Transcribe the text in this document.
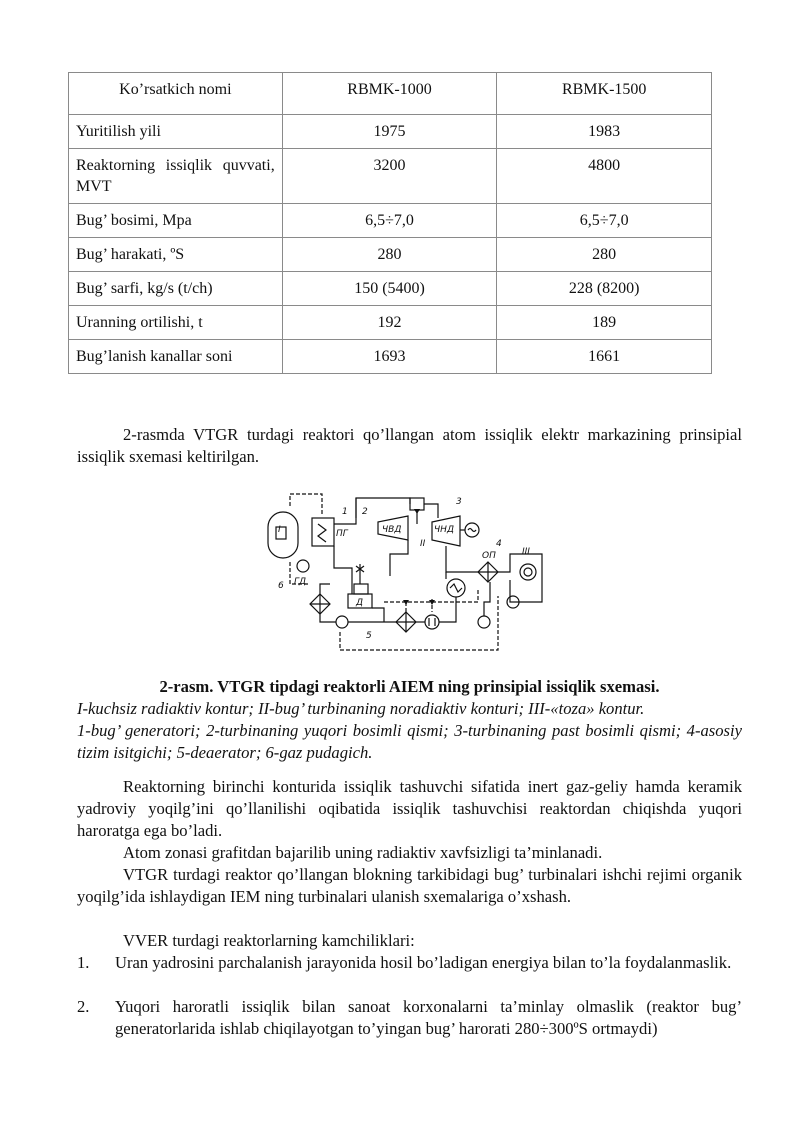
Ko’rsatkich nomi	RBMK-1000	RBMK-1500
Yuritilish yili	1975	1983
Reaktorning issiqlik quvvati, MVT	3200	4800
Bug’ bosimi, Mpa	6,5÷7,0	6,5÷7,0
Bug’ harakati, ºS	280	280
Bug’ sarfi, kg/s (t/ch)	150 (5400)	228 (8200)
Uranning ortilishi, t	192	189
Bug’lanish kanallar soni	1693	1661

2-rasmda VTGR turdagi reaktori qo’llangan atom issiqlik elektr markazining prinsipial issiqlik sxemasi keltirilgan.

I
II
III
1 2
3
4
5
6
ПГ	ЧВД	ЧНД
ГД
ОП
Д

2-rasm. VTGR tipdagi reaktorli AIEM ning prinsipial issiqlik sxemasi.

I-kuchsiz radiaktiv kontur; II-bug’ turbinaning noradiaktiv konturi; III-«toza» kontur.

1-bug’ generatori; 2-turbinaning yuqori bosimli qismi; 3-turbinaning past bosimli qismi; 4-asosiy tizim isitgichi; 5-deaerator; 6-gaz pudagich.

Reaktorning birinchi konturida issiqlik tashuvchi sifatida inert gaz-geliy hamda keramik yadroviy yoqilg’ini qo’llanilishi oqibatida issiqlik tashuvchisi reaktordan chiqishda yuqori haroratga ega bo’ladi.

Atom zonasi grafitdan bajarilib uning radiaktiv xavfsizligi ta’minlanadi.

VTGR turdagi reaktor qo’llangan blokning tarkibidagi bug’ turbinalari ishchi rejimi organik yoqilg’ida ishlaydigan IEM ning turbinalari ulanish sxemalariga o’xshash.

VVER turdagi reaktorlarning kamchiliklari:

1. Uran yadrosini parchalanish jarayonida hosil bo’ladigan energiya bilan to’la foydalanmaslik.
2. Yuqori haroratli issiqlik bilan sanoat korxonalarni ta’minlay olmaslik (reaktor bug’ generatorlarida ishlab chiqilayotgan to’yingan bug’ harorati 280÷300ºS ortmaydi)
